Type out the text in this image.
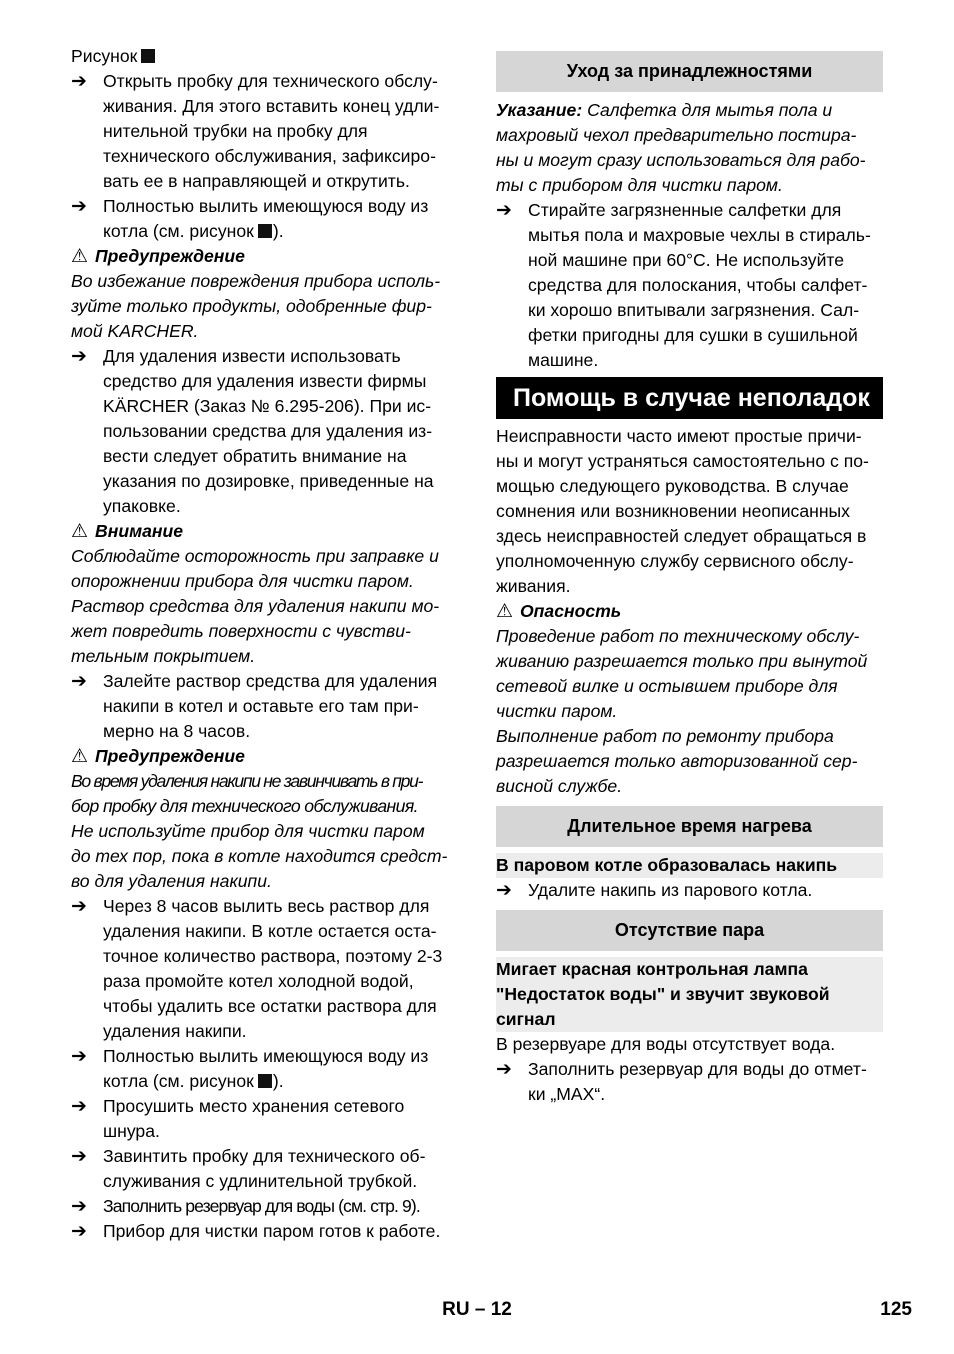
Рисунок
➔ Открыть пробку для технического обслу-
живания. Для этого вставить конец удли-
нительной трубки на пробку для
технического обслуживания, зафиксиро-
вать ее в направляющей и открутить.
➔ Полностью вылить имеющуюся воду из
котла (см. рисунок ).
⚠ Предупреждение
Во избежание повреждения прибора исполь-
зуйте только продукты, одобренные фир-
мой KARCHER.
➔ Для удаления извести использовать
средство для удаления извести фирмы
KÄRCHER (Заказ № 6.295-206). При ис-
пользовании средства для удаления из-
вести следует обратить внимание на
указания по дозировке, приведенные на
упаковке.
⚠ Внимание
Соблюдайте осторожность при заправке и
опорожнении прибора для чистки паром.
Раствор средства для удаления накипи мо-
жет повредить поверхности с чувстви-
тельным покрытием.
➔ Залейте раствор средства для удаления
накипи в котел и оставьте его там при-
мерно на 8 часов.
⚠ Предупреждение
Во время удаления накипи не завинчивать в при-
бор пробку для технического обслуживания.
Не используйте прибор для чистки паром
до тех пор, пока в котле находится средст-
во для удаления накипи.
➔ Через 8 часов вылить весь раствор для
удаления накипи. В котле остается оста-
точное количество раствора, поэтому 2-3
раза промойте котел холодной водой,
чтобы удалить все остатки раствора для
удаления накипи.
➔ Полностью вылить имеющуюся воду из
котла (см. рисунок ).
➔ Просушить место хранения сетевого
шнура.
➔ Завинтить пробку для технического об-
служивания с удлинительной трубкой.
➔ Заполнить резервуар для воды (см. стр. 9).
➔ Прибор для чистки паром готов к работе.
Уход за принадлежностями
Указание: Салфетка для мытья пола и
махровый чехол предварительно постира-
ны и могут сразу использоваться для рабо-
ты с прибором для чистки паром.
➔ Стирайте загрязненные салфетки для
мытья пола и махровые чехлы в стираль-
ной машине при 60°C. Не используйте
средства для полоскания, чтобы салфет-
ки хорошо впитывали загрязнения. Сал-
фетки пригодны для сушки в сушильной
машине.
Помощь в случае неполадок
Неисправности часто имеют простые причи-
ны и могут устраняться самостоятельно с по-
мощью следующего руководства. В случае
сомнения или возникновении неописанных
здесь неисправностей следует обращаться в
уполномоченную службу сервисного обслу-
живания.
⚠ Опасность
Проведение работ по техническому обслу-
живанию разрешается только при вынутой
сетевой вилке и остывшем приборе для
чистки паром.
Выполнение работ по ремонту прибора
разрешается только авторизованной сер-
висной службе.
Длительное время нагрева
В паровом котле образовалась накипь
➔ Удалите накипь из парового котла.
Отсутствие пара
Мигает красная контрольная лампа
"Недостаток воды" и звучит звуковой
сигнал
В резервуаре для воды отсутствует вода.
➔ Заполнить резервуар для воды до отмет-
ки „MAX“.
RU – 12	125
